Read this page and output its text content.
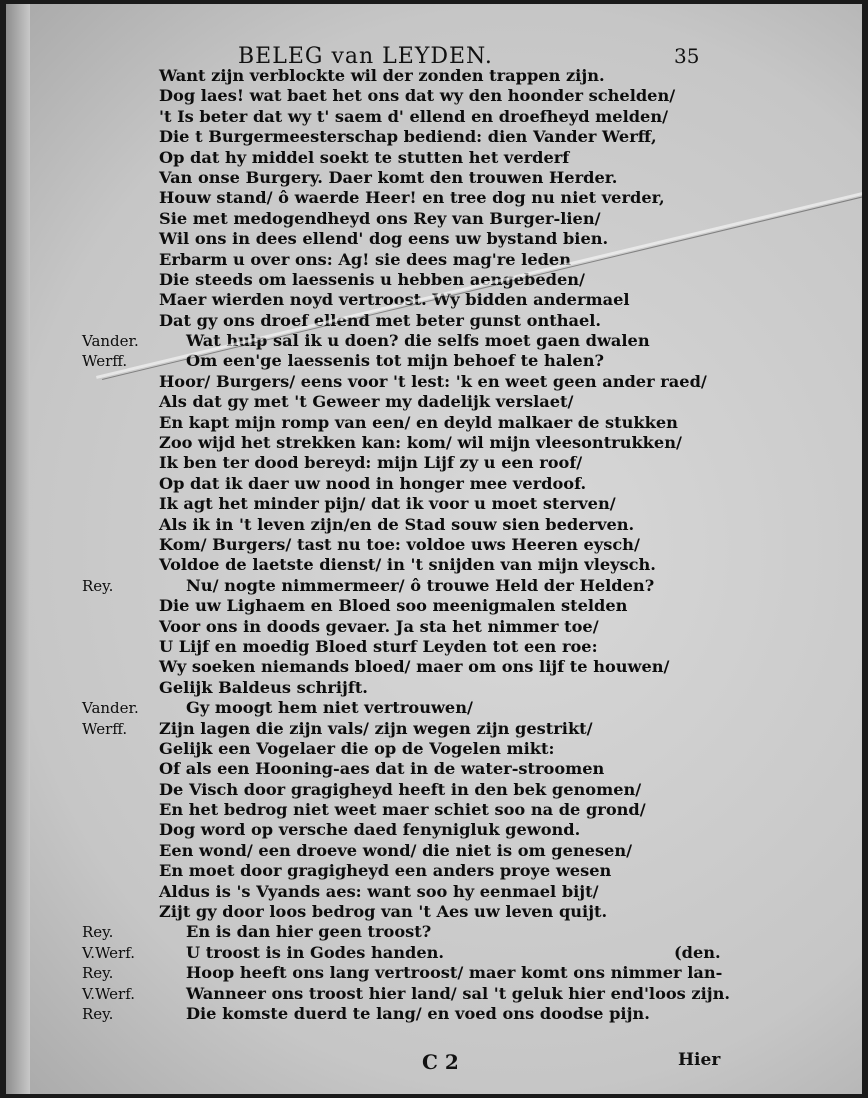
BELEG van LEYDEN.	35
Want zijn verblockte wil der zonden trappen zijn.
Dog laes! wat baet het ons dat wy den hoonder schelden/
't Is beter dat wy t' saem d' ellend en droefheyd melden/
Die t Burgermeesterschap bediend: dien Vander Werff,
Op dat hy middel soekt te stutten het verderf
Van onse Burgery. Daer komt den trouwen Herder.
Houw stand/ ô waerde Heer! en tree dog nu niet verder,
Sie met medogendheyd ons Rey van Burger-lien/
Wil ons in dees ellend' dog eens uw bystand bien.
Erbarm u over ons: Ag! sie dees mag're leden
Die steeds om laessenis u hebben aengebeden/
Maer wierden noyd vertroost. Wy bidden andermael
Dat gy ons droef ellend met beter gunst onthael.
Vander.	Wat hulp sal ik u doen? die selfs moet gaen dwalen
Werff.	Om een'ge laessenis tot mijn behoef te halen?
Hoor/ Burgers/ eens voor 't lest: 'k en weet geen ander raed/
Als dat gy met 't Geweer my dadelijk verslaet/
En kapt mijn romp van een/ en deyld malkaer de stukken
Zoo wijd het strekken kan: kom/ wil mijn vleesontrukken/
Ik ben ter dood bereyd: mijn Lijf zy u een roof/
Op dat ik daer uw nood in honger mee verdoof.
Ik agt het minder pijn/ dat ik voor u moet sterven/
Als ik in 't leven zijn/en de Stad souw sien bederven.
Kom/ Burgers/ tast nu toe: voldoe uws Heeren eysch/
Voldoe de laetste dienst/ in 't snijden van mijn vleysch.
Rey.	Nu/ nogte nimmermeer/ ô trouwe Held der Helden?
Die uw Lighaem en Bloed soo meenigmalen stelden
Voor ons in doods gevaer. Ja sta het nimmer toe/
U Lijf en moedig Bloed sturf Leyden tot een roe:
Wy soeken niemands bloed/ maer om ons lijf te houwen/
Gelijk Baldeus schrijft.
Vander.	Gy moogt hem niet vertrouwen/
Werff. Zijn lagen die zijn vals/ zijn wegen zijn gestrikt/
Gelijk een Vogelaer die op de Vogelen mikt:
Of als een Hooning-aes dat in de water-stroomen
De Visch door gragigheyd heeft in den bek genomen/
En het bedrog niet weet maer schiet soo na de grond/
Dog word op versche daed fenynigluk gewond.
Een wond/ een droeve wond/ die niet is om genesen/
En moet door gragigheyd een anders proye wesen
Aldus is 's Vyands aes: want soo hy eenmael bijt/
Zijt gy door loos bedrog van 't Aes uw leven quijt.
Rey.	En is dan hier geen troost?
V.Werf.	U troost is in Godes handen.	(den.
Rey.	Hoop heeft ons lang vertroost/ maer komt ons nimmer lan-
V.Werf.	Wanneer ons troost hier land/ sal 't geluk hier end'loos zijn.
Rey.	Die komste duerd te lang/ en voed ons doodse pijn.
C 2	Hier
